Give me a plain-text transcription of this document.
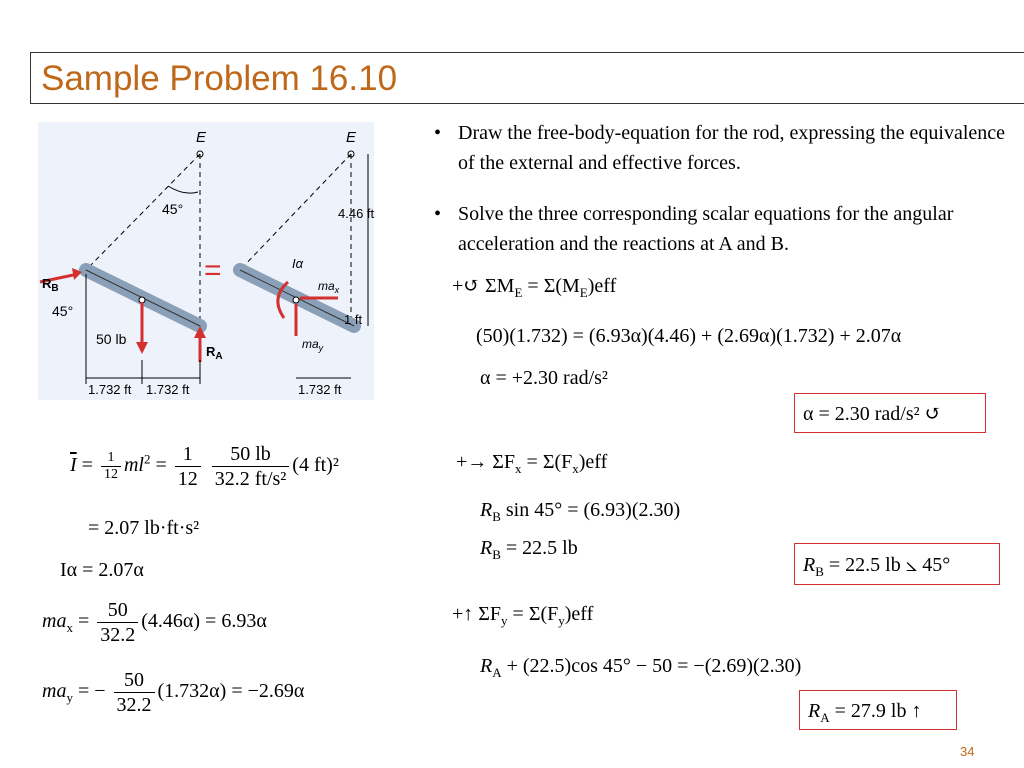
Sample Problem 16.10
• Draw the free-body-equation for the rod, expressing the equivalence of the external and effective forces.
• Solve the three corresponding scalar equations for the angular acceleration and the reactions at A and B.
E
45°
$R_B$
45°
50 lb
$R_A$
1.732 ft 1.732 ft
=
E
Iα
$ma_x$
$ma_y$
4.46 ft
1 ft
1.732 ft
$\overline{I} = \frac{1}{12} ml^2 = \frac{1}{12}$
$\frac{50 lb}{\text{32.2 ft/s²}} (4$ ft)²
= 2.07 lb·ft·s²
Iα = 2.07α
$ma_x = \frac{50}{32.2} (4.46\alpha) = 6.93\alpha$
$ma_y$ = − $\frac{50}{32.2} (1.732\alpha) = -2.69\alpha$
+↺ $\Sigma M_E = \Sigma(M_E)eff$
(50)(1.732) = (6.93α)(4.46) + (2.69α)(1.732) + 2.07α
α = +2.30 rad/s²
α = 2.30 rad/s² ↺
+→ $\Sigma F_x = \Sigma(F_x)eff$
$R_B$ sin 45° = (6.93)(2.30)
$R_B = 22.5$ lb
$R_B = 22.5$ lb ⦣ 45°
+↑ $\Sigma F_y = \Sigma(F_y)eff$
$R_A + (22.5)\cos$ 45° − 50 = −(2.69)(2.30)
$R_A = 27.9$ lb ↑
34
